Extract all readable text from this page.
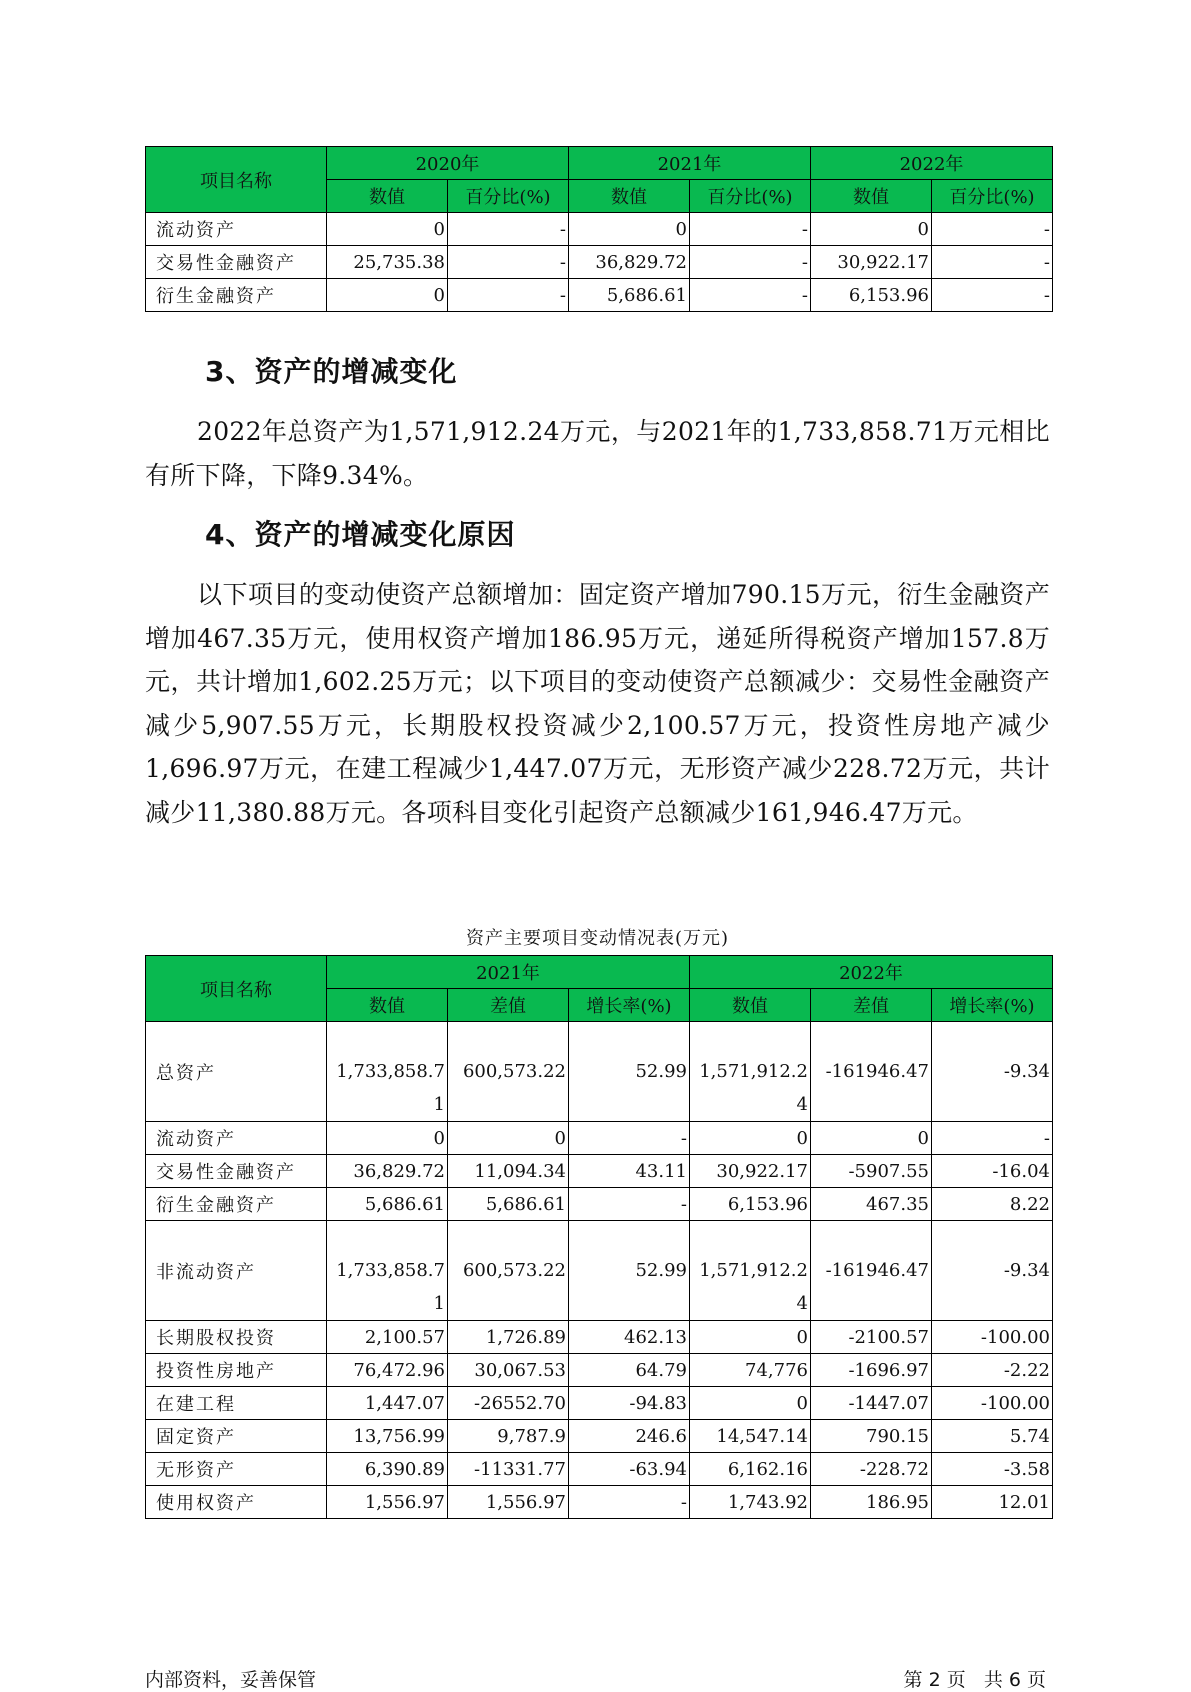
项目名称	2020年		2021年		2022年	
	数值	百分比(%)	数值	百分比(%)	数值	百分比(%)
流动资产	0	-	0	-	0	-
交易性金融资产	25,735.38	-	36,829.72	-	30,922.17	-
衍生金融资产	0	-	5,686.61	-	6,153.96	-
3、资产的增减变化

2022年总资产为1,571,912.24万元，与2021年的1,733,858.71万元相比有所下降，下降9.34%。

4、资产的增减变化原因

以下项目的变动使资产总额增加：固定资产增加790.15万元，衍生金融资产增加467.35万元，使用权资产增加186.95万元，递延所得税资产增加157.8万元，共计增加1,602.25万元；以下项目的变动使资产总额减少：交易性金融资产减少5,907.55万元，长期股权投资减少2,100.57万元，投资性房地产减少1,696.97万元，在建工程减少1,447.07万元，无形资产减少228.72万元，共计减少11,380.88万元。各项科目变化引起资产总额减少161,946.47万元。

资产主要项目变动情况表(万元)
项目名称	2021年			2022年		
	数值	差值	增长率(%)	数值	差值	增长率(%)
总资产	1,733,858.71	600,573.22	52.99	1,571,912.24	-161946.47	-9.34
流动资产	0	0	-	0	0	-
交易性金融资产	36,829.72	11,094.34	43.11	30,922.17	-5907.55	-16.04
衍生金融资产	5,686.61	5,686.61	-	6,153.96	467.35	8.22
非流动资产	1,733,858.71	600,573.22	52.99	1,571,912.24	-161946.47	-9.34
长期股权投资	2,100.57	1,726.89	462.13	0	-2100.57	-100.00
投资性房地产	76,472.96	30,067.53	64.79	74,776	-1696.97	-2.22
在建工程	1,447.07	-26552.70	-94.83	0	-1447.07	-100.00
固定资产	13,756.99	9,787.9	246.6	14,547.14	790.15	5.74
无形资产	6,390.89	-11331.77	-63.94	6,162.16	-228.72	-3.58
使用权资产	1,556.97	1,556.97	-	1,743.92	186.95	12.01
内部资料，妥善保管	第 2 页   共 6 页
